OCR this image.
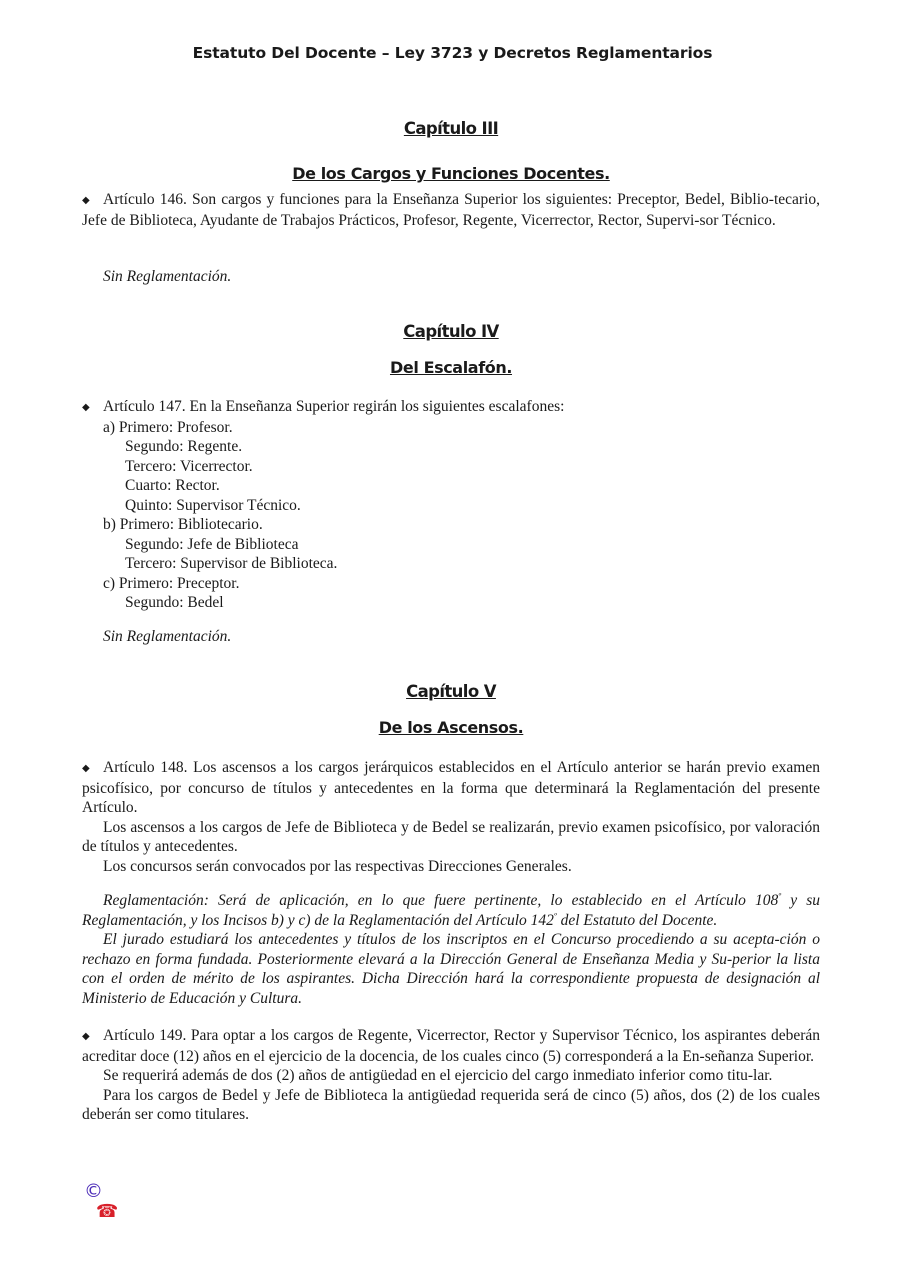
Estatuto Del Docente – Ley 3723 y Decretos Reglamentarios
Capítulo III
De los Cargos y Funciones Docentes.
◆ Artículo 146. Son cargos y funciones para la Enseñanza Superior los siguientes: Preceptor, Bedel, Biblio-tecario, Jefe de Biblioteca, Ayudante de Trabajos Prácticos, Profesor, Regente, Vicerrector, Rector, Supervi-sor Técnico.
Sin Reglamentación.
Capítulo IV
Del Escalafón.
◆ Artículo 147. En la Enseñanza Superior regirán los siguientes escalafones:
a) Primero: Profesor.
Segundo: Regente.
Tercero: Vicerrector.
Cuarto: Rector.
Quinto: Supervisor Técnico.
b) Primero: Bibliotecario.
Segundo: Jefe de Biblioteca
Tercero: Supervisor de Biblioteca.
c) Primero: Preceptor.
Segundo: Bedel
Sin Reglamentación.
Capítulo V
De los Ascensos.
◆ Artículo 148. Los ascensos a los cargos jerárquicos establecidos en el Artículo anterior se harán previo examen psicofísico, por concurso de títulos y antecedentes en la forma que determinará la Reglamentación del presente Artículo.
Los ascensos a los cargos de Jefe de Biblioteca y de Bedel se realizarán, previo examen psicofísico, por valoración de títulos y antecedentes.
Los concursos serán convocados por las respectivas Direcciones Generales.
Reglamentación: Será de aplicación, en lo que fuere pertinente, lo establecido en el Artículo $108^º$ y su Reglamentación, y los Incisos b) y c) de la Reglamentación del Artículo $142^º$ del Estatuto del Docente.
El jurado estudiará los antecedentes y títulos de los inscriptos en el Concurso procediendo a su acepta-ción o rechazo en forma fundada. Posteriormente elevará a la Dirección General de Enseñanza Media y Su-perior la lista con el orden de mérito de los aspirantes. Dicha Dirección hará la correspondiente propuesta de designación al Ministerio de Educación y Cultura.
◆ Artículo 149. Para optar a los cargos de Regente, Vicerrector, Rector y Supervisor Técnico, los aspirantes deberán acreditar doce (12) años en el ejercicio de la docencia, de los cuales cinco (5) corresponderá a la En-señanza Superior.
Se requerirá además de dos (2) años de antigüedad en el ejercicio del cargo inmediato inferior como titu-lar.
Para los cargos de Bedel y Jefe de Biblioteca la antigüedad requerida será de cinco (5) años, dos (2) de los cuales deberán ser como titulares.
©
☎
